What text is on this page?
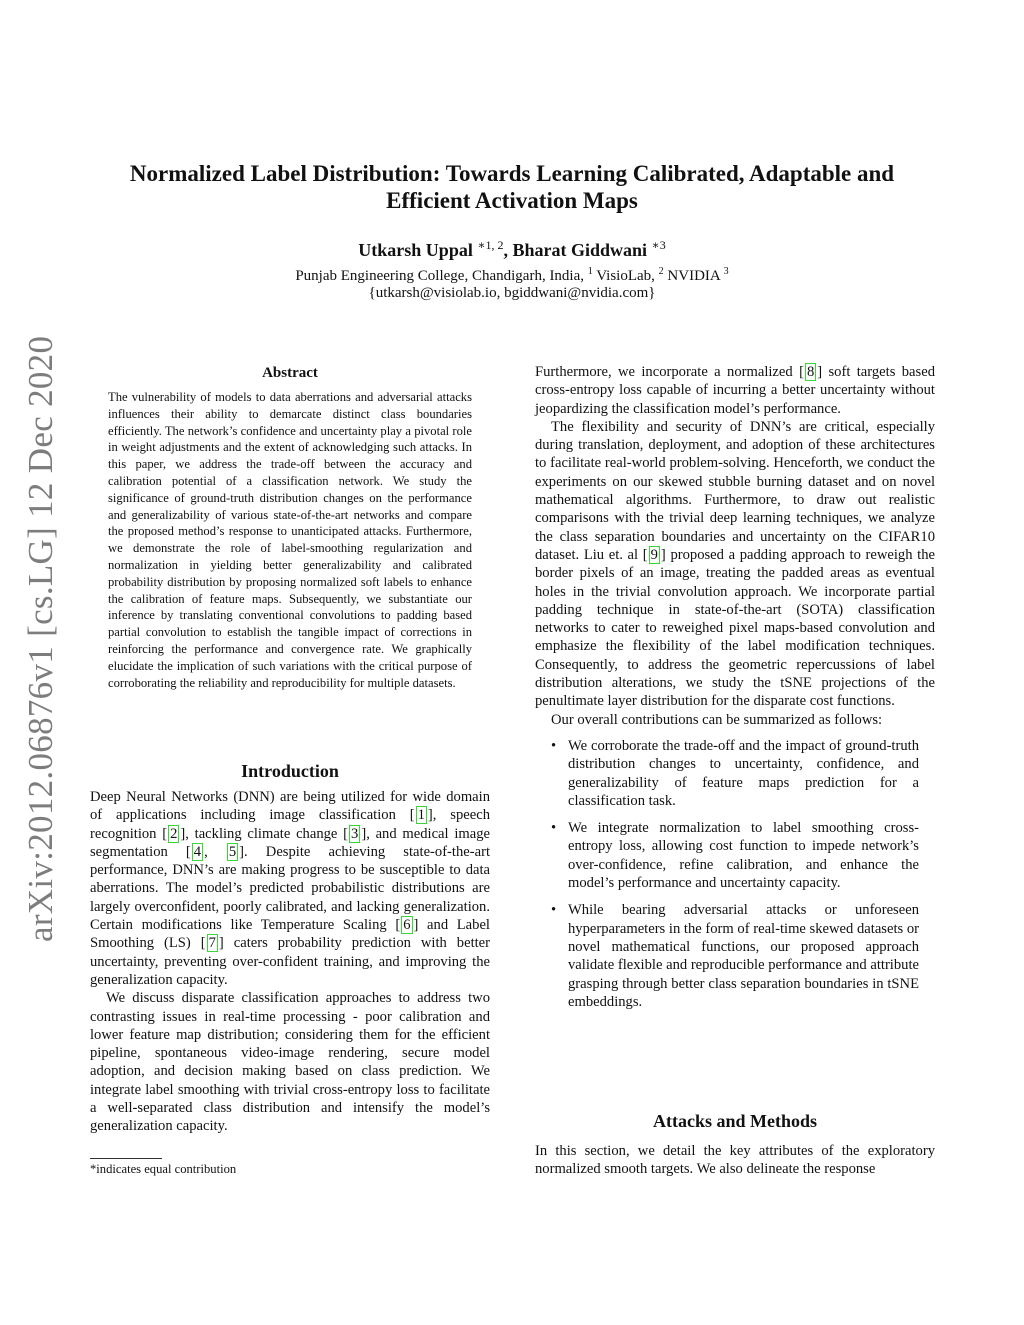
arXiv:2012.06876v1 [cs.LG] 12 Dec 2020
Normalized Label Distribution: Towards Learning Calibrated, Adaptable and
Efficient Activation Maps
Utkarsh Uppal $^{∗1, 2}$, Bharat Giddwani $^{∗3}$
Punjab Engineering College, Chandigarh, India, $^1$ VisioLab, $^2$ NVIDIA $^3$
{utkarsh@visiolab.io, bgiddwani@nvidia.com}
Abstract
The vulnerability of models to data aberrations and adversarial attacks influences their ability to demarcate distinct class boundaries efficiently. The network’s confidence and uncertainty play a pivotal role in weight adjustments and the extent of acknowledging such attacks. In this paper, we address the trade-off between the accuracy and calibration potential of a classification network. We study the significance of ground-truth distribution changes on the performance and generalizability of various state-of-the-art networks and compare the proposed method’s response to unanticipated attacks. Furthermore, we demonstrate the role of label-smoothing regularization and normalization in yielding better generalizability and calibrated probability distribution by proposing normalized soft labels to enhance the calibration of feature maps. Subsequently, we substantiate our inference by translating conventional convolutions to padding based partial convolution to establish the tangible impact of corrections in reinforcing the performance and convergence rate. We graphically elucidate the implication of such variations with the critical purpose of corroborating the reliability and reproducibility for multiple datasets.
Introduction

Deep Neural Networks (DNN) are being utilized for wide domain of applications including image classification [ 1 ], speech recognition [ 2 ], tackling climate change [ 3 ], and medical image segmentation [ 4 , 5 ]. Despite achieving state-of-the-art performance, DNN’s are making progress to be susceptible to data aberrations. The model’s predicted probabilistic distributions are largely overconfident, poorly calibrated, and lacking generalization. Certain modifications like Temperature Scaling [ 6 ] and Label Smoothing (LS) [ 7 ] caters probability prediction with better uncertainty, preventing over-confident training, and improving the generalization capacity.

We discuss disparate classification approaches to address two contrasting issues in real-time processing - poor calibration and lower feature map distribution; considering them for the efficient pipeline, spontaneous video-image rendering, secure model adoption, and decision making based on class prediction. We integrate label smoothing with trivial cross-entropy loss to facilitate a well-separated class distribution and intensify the model’s generalization capacity.

*indicates equal contribution

Furthermore, we incorporate a normalized [ 8 ] soft targets based cross-entropy loss capable of incurring a better uncertainty without jeopardizing the classification model’s performance.

The flexibility and security of DNN’s are critical, especially during translation, deployment, and adoption of these architectures to facilitate real-world problem-solving. Henceforth, we conduct the experiments on our skewed stubble burning dataset and on novel mathematical algorithms. Furthermore, to draw out realistic comparisons with the trivial deep learning techniques, we analyze the class separation boundaries and uncertainty on the CIFAR10 dataset. Liu et. al [ 9 ] proposed a padding approach to reweigh the border pixels of an image, treating the padded areas as eventual holes in the trivial convolution approach. We incorporate partial padding technique in state-of-the-art (SOTA) classification networks to cater to reweighed pixel maps-based convolution and emphasize the flexibility of the label modification techniques. Consequently, to address the geometric repercussions of label distribution alterations, we study the tSNE projections of the penultimate layer distribution for the disparate cost functions.

Our overall contributions can be summarized as follows:

• We corroborate the trade-off and the impact of ground-truth distribution changes to uncertainty, confidence, and generalizability of feature maps prediction for a classification task.
• We integrate normalization to label smoothing cross-entropy loss, allowing cost function to impede network’s over-confidence, refine calibration, and enhance the model’s performance and uncertainty capacity.
• While bearing adversarial attacks or unforeseen hyperparameters in the form of real-time skewed datasets or novel mathematical functions, our proposed approach validate flexible and reproducible performance and attribute grasping through better class separation boundaries in tSNE embeddings.
Attacks and Methods
In this section, we detail the key attributes of the exploratory normalized smooth targets. We also delineate the response
